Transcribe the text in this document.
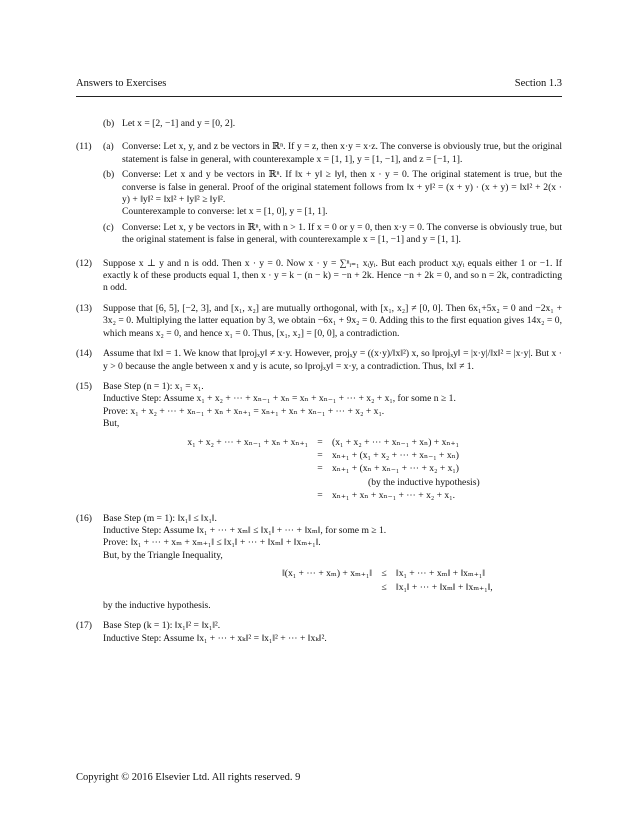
Answers to Exercises	Section 1.3
(b) Let x = [2, −1] and y = [0, 2].
(11)	(a) Converse: Let x, y, and z be vectors in ℝⁿ. If y = z, then x·y = x·z. The converse is obviously true, but the original statement is false in general, with counterexample x = [1, 1], y = [1, −1], and z = [−1, 1].
(b) Converse: Let x and y be vectors in ℝⁿ. If ‖x + y‖ ≥ ‖y‖, then x · y = 0. The original statement is true, but the converse is false in general. Proof of the original statement follows from ‖x + y‖² = (x + y) · (x + y) = ‖x‖² + 2(x · y) + ‖y‖² = ‖x‖² + ‖y‖² ≥ ‖y‖².
Counterexample to converse: let x = [1, 0], y = [1, 1].
(c) Converse: Let x, y be vectors in ℝⁿ, with n > 1. If x = 0 or y = 0, then x·y = 0. The converse is obviously true, but the original statement is false in general, with counterexample x = [1, −1] and y = [1, 1].
(12)	Suppose x ⊥ y and n is odd. Then x · y = 0. Now x · y = ∑ⁿᵢ₌₁ xᵢyᵢ. But each product xᵢyᵢ equals either 1 or −1. If exactly k of these products equal 1, then x · y = k − (n − k) = −n + 2k. Hence −n + 2k = 0, and so n = 2k, contradicting n odd.
(13)	Suppose that [6, 5], [−2, 3], and [x₁, x₂] are mutually orthogonal, with [x₁, x₂] ≠ [0, 0]. Then 6x₁+5x₂ = 0 and −2x₁ + 3x₂ = 0. Multiplying the latter equation by 3, we obtain −6x₁ + 9x₂ = 0. Adding this to the first equation gives 14x₂ = 0, which means x₂ = 0, and hence x₁ = 0. Thus, [x₁, x₂] = [0, 0], a contradiction.
(14)	Assume that ‖x‖ = 1. We know that ‖projₓy‖ ≠ x·y. However, projₓy = ((x·y)/‖x‖²) x, so ‖projₓy‖ = |x·y|/‖x‖² = |x·y|. But x · y > 0 because the angle between x and y is acute, so ‖projₓy‖ = x·y, a contradiction. Thus, ‖x‖ ≠ 1.
(15)	Base Step (n = 1): x₁ = x₁.
Inductive Step: Assume x₁ + x₂ + ⋯ + xₙ₋₁ + xₙ = xₙ + xₙ₋₁ + ⋯ + x₂ + x₁, for some n ≥ 1.
Prove: x₁ + x₂ + ⋯ + xₙ₋₁ + xₙ + xₙ₊₁ = xₙ₊₁ + xₙ + xₙ₋₁ + ⋯ + x₂ + x₁.
But,
x₁ + x₂ + ⋯ + xₙ₋₁ + xₙ + xₙ₊₁ = (x₁ + x₂ + ⋯ + xₙ₋₁ + xₙ) + xₙ₊₁
= xₙ₊₁ + (x₁ + x₂ + ⋯ + xₙ₋₁ + xₙ)
= xₙ₊₁ + (xₙ + xₙ₋₁ + ⋯ + x₂ + x₁)
(by the inductive hypothesis)
= xₙ₊₁ + xₙ + xₙ₋₁ + ⋯ + x₂ + x₁.
(16)	Base Step (m = 1): ‖x₁‖ ≤ ‖x₁‖.
Inductive Step: Assume ‖x₁ + ⋯ + xₘ‖ ≤ ‖x₁‖ + ⋯ + ‖xₘ‖, for some m ≥ 1.
Prove: ‖x₁ + ⋯ + xₘ + xₘ₊₁‖ ≤ ‖x₁‖ + ⋯ + ‖xₘ‖ + ‖xₘ₊₁‖.
But, by the Triangle Inequality,
‖(x₁ + ⋯ + xₘ) + xₘ₊₁‖ ≤ ‖x₁ + ⋯ + xₘ‖ + ‖xₘ₊₁‖
≤ ‖x₁‖ + ⋯ + ‖xₘ‖ + ‖xₘ₊₁‖,
by the inductive hypothesis.
(17)	Base Step (k = 1): ‖x₁‖² = ‖x₁‖².
Inductive Step: Assume ‖x₁ + ⋯ + xₖ‖² = ‖x₁‖² + ⋯ + ‖xₖ‖².
Copyright © 2016 Elsevier Ltd. All rights reserved. 9
